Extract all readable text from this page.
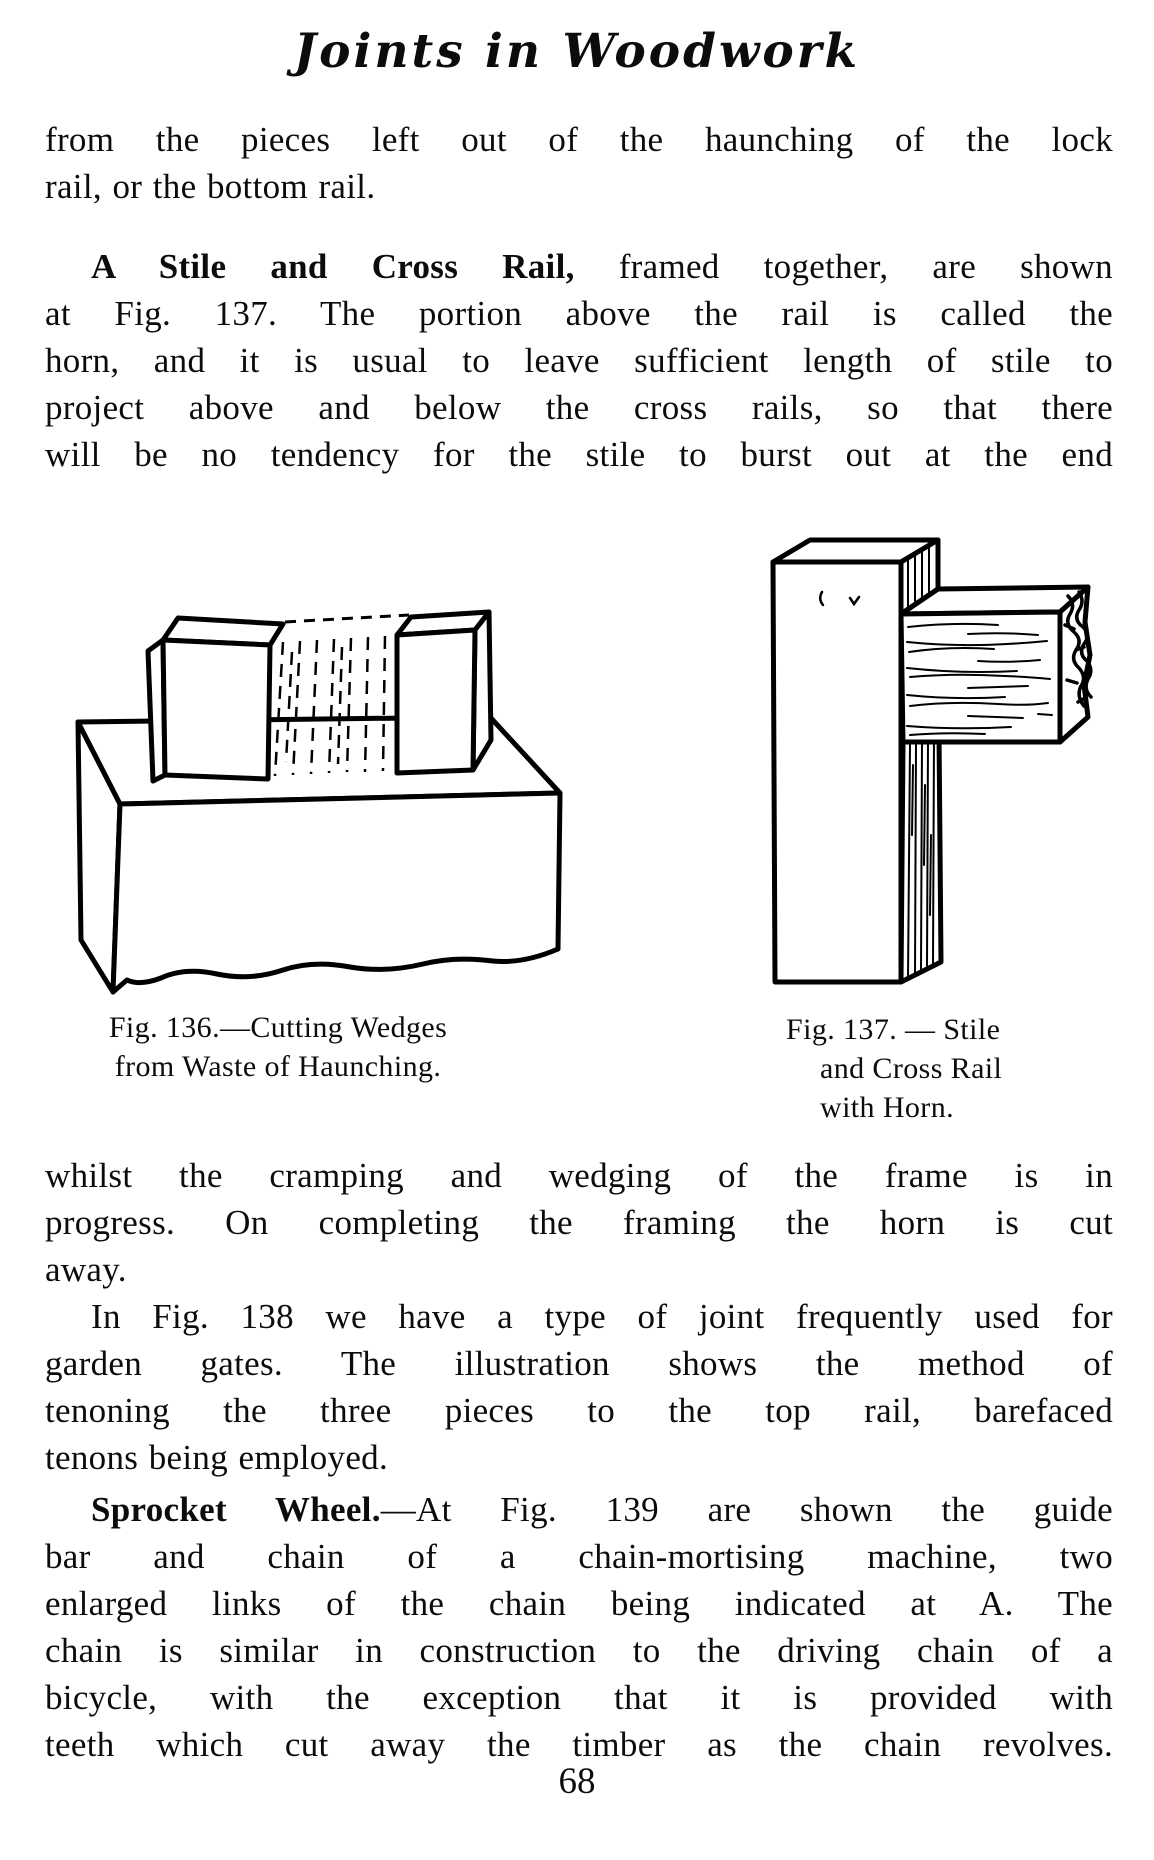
Joints in Woodwork
from the pieces left out of the haunching of the lock
rail, or the bottom rail.
A Stile and Cross Rail, framed together, are shown
at Fig. 137. The portion above the rail is called the
horn, and it is usual to leave sufficient length of stile to
project above and below the cross rails, so that there
will be no tendency for the stile to burst out at the end
Fig. 136.—Cutting Wedges
from Waste of Haunching.
Fig. 137. — Stile
and Cross Rail
with Horn.
whilst the cramping and wedging of the frame is in
progress. On completing the framing the horn is cut
away.
In Fig. 138 we have a type of joint frequently used for
garden gates. The illustration shows the method of
tenoning the three pieces to the top rail, barefaced
tenons being employed.
Sprocket Wheel.—At Fig. 139 are shown the guide
bar and chain of a chain-mortising machine, two
enlarged links of the chain being indicated at A. The
chain is similar in construction to the driving chain of a
bicycle, with the exception that it is provided with
teeth which cut away the timber as the chain revolves.
68
